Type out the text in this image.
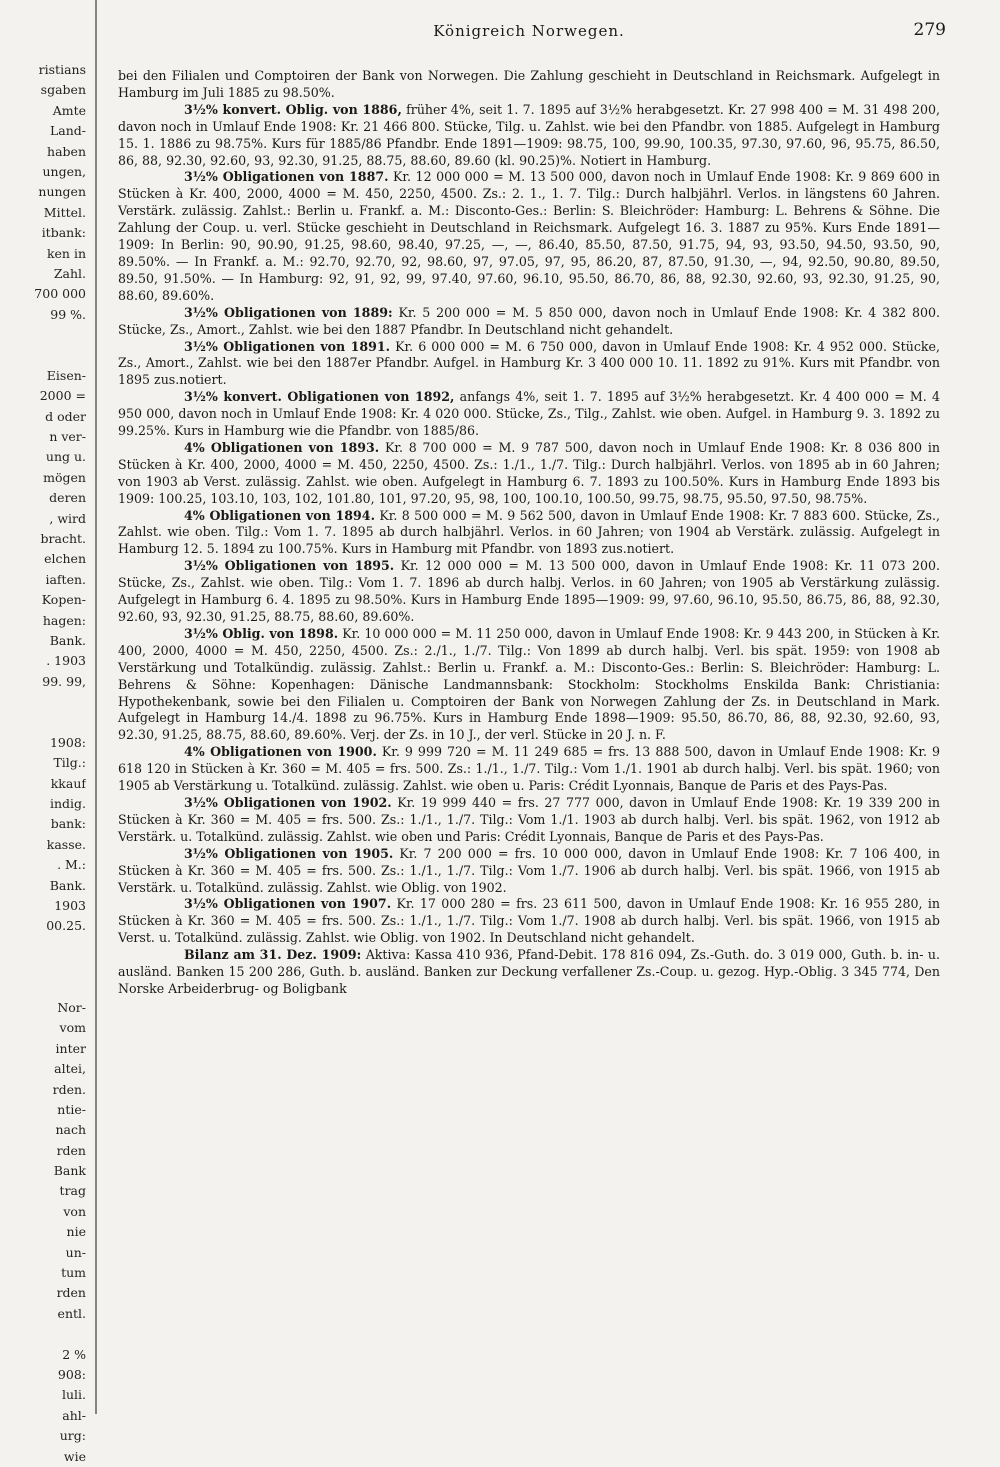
ristians
sgaben
Amte
Land-
haben
ungen,
nungen
Mittel.
itbank:
ken in
Zahl.
700 000
99 %.
Eisen-
2000 =
d oder
n ver-
ung u.
mögen
deren
, wird
bracht.
elchen
iaften.
Kopen-
hagen:
Bank.
. 1903
99. 99,
1908:
Tilg.:
kkauf
indig.
bank:
kasse.
. M.:
Bank.
1903
00.25.
Nor-
vom
inter
altei,
rden.
ntie-
nach
rden
Bank
trag
von
nie
un-
tum
rden
entl.
2 %
908:
luli.
ahl-
urg:
wie
Königreich Norwegen.	279

bei den Filialen und Comptoiren der Bank von Norwegen. Die Zahlung geschieht in Deutschland in Reichsmark. Aufgelegt in Hamburg im Juli 1885 zu 98.50%.

3½% konvert. Oblig. von 1886, früher 4%, seit 1. 7. 1895 auf 3½% herabgesetzt. Kr. 27 998 400 = M. 31 498 200, davon noch in Umlauf Ende 1908: Kr. 21 466 800. Stücke, Tilg. u. Zahlst. wie bei den Pfandbr. von 1885. Aufgelegt in Hamburg 15. 1. 1886 zu 98.75%. Kurs für 1885/86 Pfandbr. Ende 1891—1909: 98.75, 100, 99.90, 100.35, 97.30, 97.60, 96, 95.75, 86.50, 86, 88, 92.30, 92.60, 93, 92.30, 91.25, 88.75, 88.60, 89.60 (kl. 90.25)%. Notiert in Hamburg.

3½% Obligationen von 1887. Kr. 12 000 000 = M. 13 500 000, davon noch in Umlauf Ende 1908: Kr. 9 869 600 in Stücken à Kr. 400, 2000, 4000 = M. 450, 2250, 4500. Zs.: 2. 1., 1. 7. Tilg.: Durch halbjährl. Verlos. in längstens 60 Jahren. Verstärk. zulässig. Zahlst.: Berlin u. Frankf. a. M.: Disconto-Ges.: Berlin: S. Bleichröder: Hamburg: L. Behrens & Söhne. Die Zahlung der Coup. u. verl. Stücke geschieht in Deutschland in Reichsmark. Aufgelegt 16. 3. 1887 zu 95%. Kurs Ende 1891—1909: In Berlin: 90, 90.90, 91.25, 98.60, 98.40, 97.25, —, —, 86.40, 85.50, 87.50, 91.75, 94, 93, 93.50, 94.50, 93.50, 90, 89.50%. — In Frankf. a. M.: 92.70, 92.70, 92, 98.60, 97, 97.05, 97, 95, 86.20, 87, 87.50, 91.30, —, 94, 92.50, 90.80, 89.50, 89.50, 91.50%. — In Hamburg: 92, 91, 92, 99, 97.40, 97.60, 96.10, 95.50, 86.70, 86, 88, 92.30, 92.60, 93, 92.30, 91.25, 90, 88.60, 89.60%.

3½% Obligationen von 1889: Kr. 5 200 000 = M. 5 850 000, davon noch in Umlauf Ende 1908: Kr. 4 382 800. Stücke, Zs., Amort., Zahlst. wie bei den 1887 Pfandbr. In Deutschland nicht gehandelt.

3½% Obligationen von 1891. Kr. 6 000 000 = M. 6 750 000, davon in Umlauf Ende 1908: Kr. 4 952 000. Stücke, Zs., Amort., Zahlst. wie bei den 1887er Pfandbr. Aufgel. in Hamburg Kr. 3 400 000 10. 11. 1892 zu 91%. Kurs mit Pfandbr. von 1895 zus.notiert.

3½% konvert. Obligationen von 1892, anfangs 4%, seit 1. 7. 1895 auf 3½% herabgesetzt. Kr. 4 400 000 = M. 4 950 000, davon noch in Umlauf Ende 1908: Kr. 4 020 000. Stücke, Zs., Tilg., Zahlst. wie oben. Aufgel. in Hamburg 9. 3. 1892 zu 99.25%. Kurs in Hamburg wie die Pfandbr. von 1885/86.

4% Obligationen von 1893. Kr. 8 700 000 = M. 9 787 500, davon noch in Umlauf Ende 1908: Kr. 8 036 800 in Stücken à Kr. 400, 2000, 4000 = M. 450, 2250, 4500. Zs.: 1./1., 1./7. Tilg.: Durch halbjährl. Verlos. von 1895 ab in 60 Jahren; von 1903 ab Verst. zulässig. Zahlst. wie oben. Aufgelegt in Hamburg 6. 7. 1893 zu 100.50%. Kurs in Hamburg Ende 1893 bis 1909: 100.25, 103.10, 103, 102, 101.80, 101, 97.20, 95, 98, 100, 100.10, 100.50, 99.75, 98.75, 95.50, 97.50, 98.75%.

4% Obligationen von 1894. Kr. 8 500 000 = M. 9 562 500, davon in Umlauf Ende 1908: Kr. 7 883 600. Stücke, Zs., Zahlst. wie oben. Tilg.: Vom 1. 7. 1895 ab durch halbjährl. Verlos. in 60 Jahren; von 1904 ab Verstärk. zulässig. Aufgelegt in Hamburg 12. 5. 1894 zu 100.75%. Kurs in Hamburg mit Pfandbr. von 1893 zus.notiert.

3½% Obligationen von 1895. Kr. 12 000 000 = M. 13 500 000, davon in Umlauf Ende 1908: Kr. 11 073 200. Stücke, Zs., Zahlst. wie oben. Tilg.: Vom 1. 7. 1896 ab durch halbj. Verlos. in 60 Jahren; von 1905 ab Verstärkung zulässig. Aufgelegt in Hamburg 6. 4. 1895 zu 98.50%. Kurs in Hamburg Ende 1895—1909: 99, 97.60, 96.10, 95.50, 86.75, 86, 88, 92.30, 92.60, 93, 92.30, 91.25, 88.75, 88.60, 89.60%.

3½% Oblig. von 1898. Kr. 10 000 000 = M. 11 250 000, davon in Umlauf Ende 1908: Kr. 9 443 200, in Stücken à Kr. 400, 2000, 4000 = M. 450, 2250, 4500. Zs.: 2./1., 1./7. Tilg.: Von 1899 ab durch halbj. Verl. bis spät. 1959: von 1908 ab Verstärkung und Totalkündig. zulässig. Zahlst.: Berlin u. Frankf. a. M.: Disconto-Ges.: Berlin: S. Bleichröder: Hamburg: L. Behrens & Söhne: Kopenhagen: Dänische Landmannsbank: Stockholm: Stockholms Enskilda Bank: Christiania: Hypothekenbank, sowie bei den Filialen u. Comptoiren der Bank von Norwegen Zahlung der Zs. in Deutschland in Mark. Aufgelegt in Hamburg 14./4. 1898 zu 96.75%. Kurs in Hamburg Ende 1898—1909: 95.50, 86.70, 86, 88, 92.30, 92.60, 93, 92.30, 91.25, 88.75, 88.60, 89.60%. Verj. der Zs. in 10 J., der verl. Stücke in 20 J. n. F.

4% Obligationen von 1900. Kr. 9 999 720 = M. 11 249 685 = frs. 13 888 500, davon in Umlauf Ende 1908: Kr. 9 618 120 in Stücken à Kr. 360 = M. 405 = frs. 500. Zs.: 1./1., 1./7. Tilg.: Vom 1./1. 1901 ab durch halbj. Verl. bis spät. 1960; von 1905 ab Verstärkung u. Totalkünd. zulässig. Zahlst. wie oben u. Paris: Crédit Lyonnais, Banque de Paris et des Pays-Pas.

3½% Obligationen von 1902. Kr. 19 999 440 = frs. 27 777 000, davon in Umlauf Ende 1908: Kr. 19 339 200 in Stücken à Kr. 360 = M. 405 = frs. 500. Zs.: 1./1., 1./7. Tilg.: Vom 1./1. 1903 ab durch halbj. Verl. bis spät. 1962, von 1912 ab Verstärk. u. Totalkünd. zulässig. Zahlst. wie oben und Paris: Crédit Lyonnais, Banque de Paris et des Pays-Pas.

3½% Obligationen von 1905. Kr. 7 200 000 = frs. 10 000 000, davon in Umlauf Ende 1908: Kr. 7 106 400, in Stücken à Kr. 360 = M. 405 = frs. 500. Zs.: 1./1., 1./7. Tilg.: Vom 1./7. 1906 ab durch halbj. Verl. bis spät. 1966, von 1915 ab Verstärk. u. Totalkünd. zulässig. Zahlst. wie Oblig. von 1902.

3½% Obligationen von 1907. Kr. 17 000 280 = frs. 23 611 500, davon in Umlauf Ende 1908: Kr. 16 955 280, in Stücken à Kr. 360 = M. 405 = frs. 500. Zs.: 1./1., 1./7. Tilg.: Vom 1./7. 1908 ab durch halbj. Verl. bis spät. 1966, von 1915 ab Verst. u. Totalkünd. zulässig. Zahlst. wie Oblig. von 1902. In Deutschland nicht gehandelt.

Bilanz am 31. Dez. 1909: Aktiva: Kassa 410 936, Pfand-Debit. 178 816 094, Zs.-Guth. do. 3 019 000, Guth. b. in- u. ausländ. Banken 15 200 286, Guth. b. ausländ. Banken zur Deckung verfallener Zs.-Coup. u. gezog. Hyp.-Oblig. 3 345 774, Den Norske Arbeiderbrug- og Boligbank
